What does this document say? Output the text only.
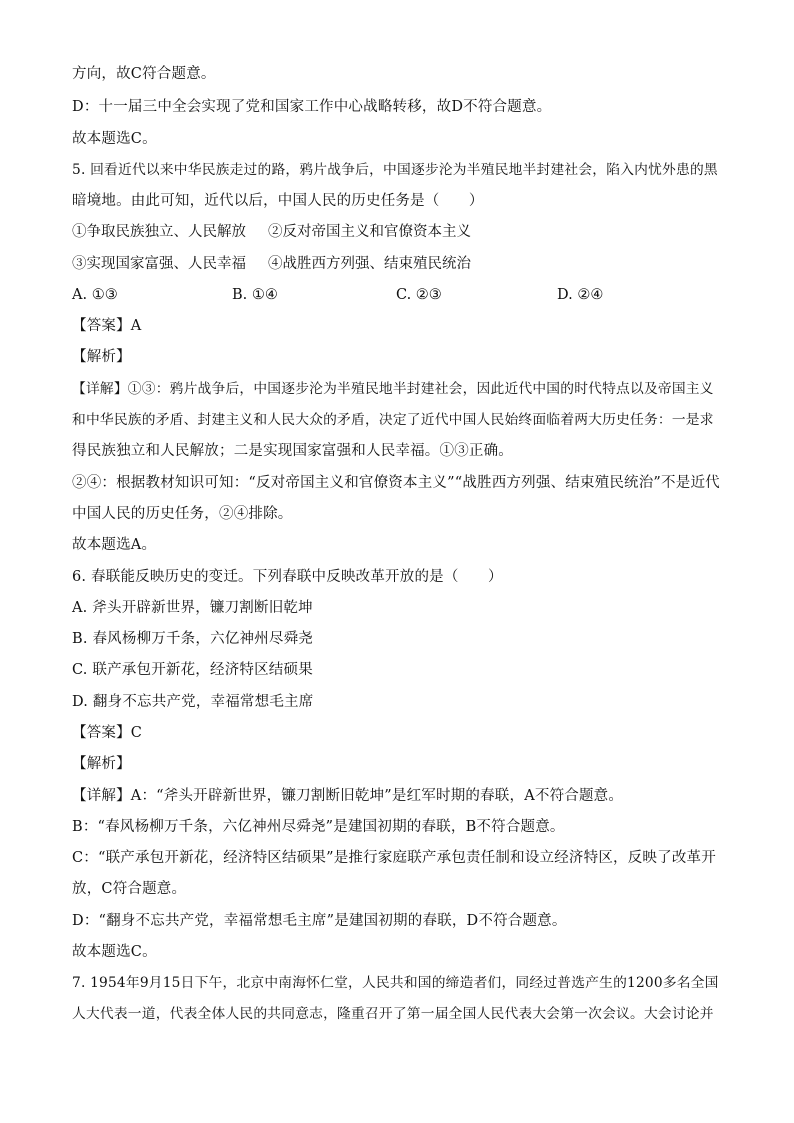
方向，故C符合题意。
D：十一届三中全会实现了党和国家工作中心战略转移，故D不符合题意。
故本题选C。
5. 回看近代以来中华民族走过的路，鸦片战争后，中国逐步沦为半殖民地半封建社会，陷入内忧外患的黑
暗境地。由此可知，近代以后，中国人民的历史任务是（　　）
①争取民族独立、人民解放 ②反对帝国主义和官僚资本主义
③实现国家富强、人民幸福 ④战胜西方列强、结束殖民统治
A. ①③	B. ①④	C. ②③	D. ②④
【答案】A
【解析】
【详解】①③：鸦片战争后，中国逐步沦为半殖民地半封建社会，因此近代中国的时代特点以及帝国主义
和中华民族的矛盾、封建主义和人民大众的矛盾，决定了近代中国人民始终面临着两大历史任务：一是求
得民族独立和人民解放；二是实现国家富强和人民幸福。①③正确。
②④：根据教材知识可知：“反对帝国主义和官僚资本主义”“战胜西方列强、结束殖民统治”不是近代
中国人民的历史任务，②④排除。
故本题选A。
6. 春联能反映历史的变迁。下列春联中反映改革开放的是（　　）
A. 斧头开辟新世界，镰刀割断旧乾坤
B. 春风杨柳万千条，六亿神州尽舜尧
C. 联产承包开新花，经济特区结硕果
D. 翻身不忘共产党，幸福常想毛主席
【答案】C
【解析】
【详解】A：“斧头开辟新世界，镰刀割断旧乾坤”是红军时期的春联，A不符合题意。
B：“春风杨柳万千条，六亿神州尽舜尧”是建国初期的春联，B不符合题意。
C：“联产承包开新花，经济特区结硕果”是推行家庭联产承包责任制和设立经济特区，反映了改革开
放，C符合题意。
D：“翻身不忘共产党，幸福常想毛主席”是建国初期的春联，D不符合题意。
故本题选C。
7. 1954年9月15日下午，北京中南海怀仁堂，人民共和国的缔造者们，同经过普选产生的1200多名全国
人大代表一道，代表全体人民的共同意志，隆重召开了第一届全国人民代表大会第一次会议。大会讨论并
